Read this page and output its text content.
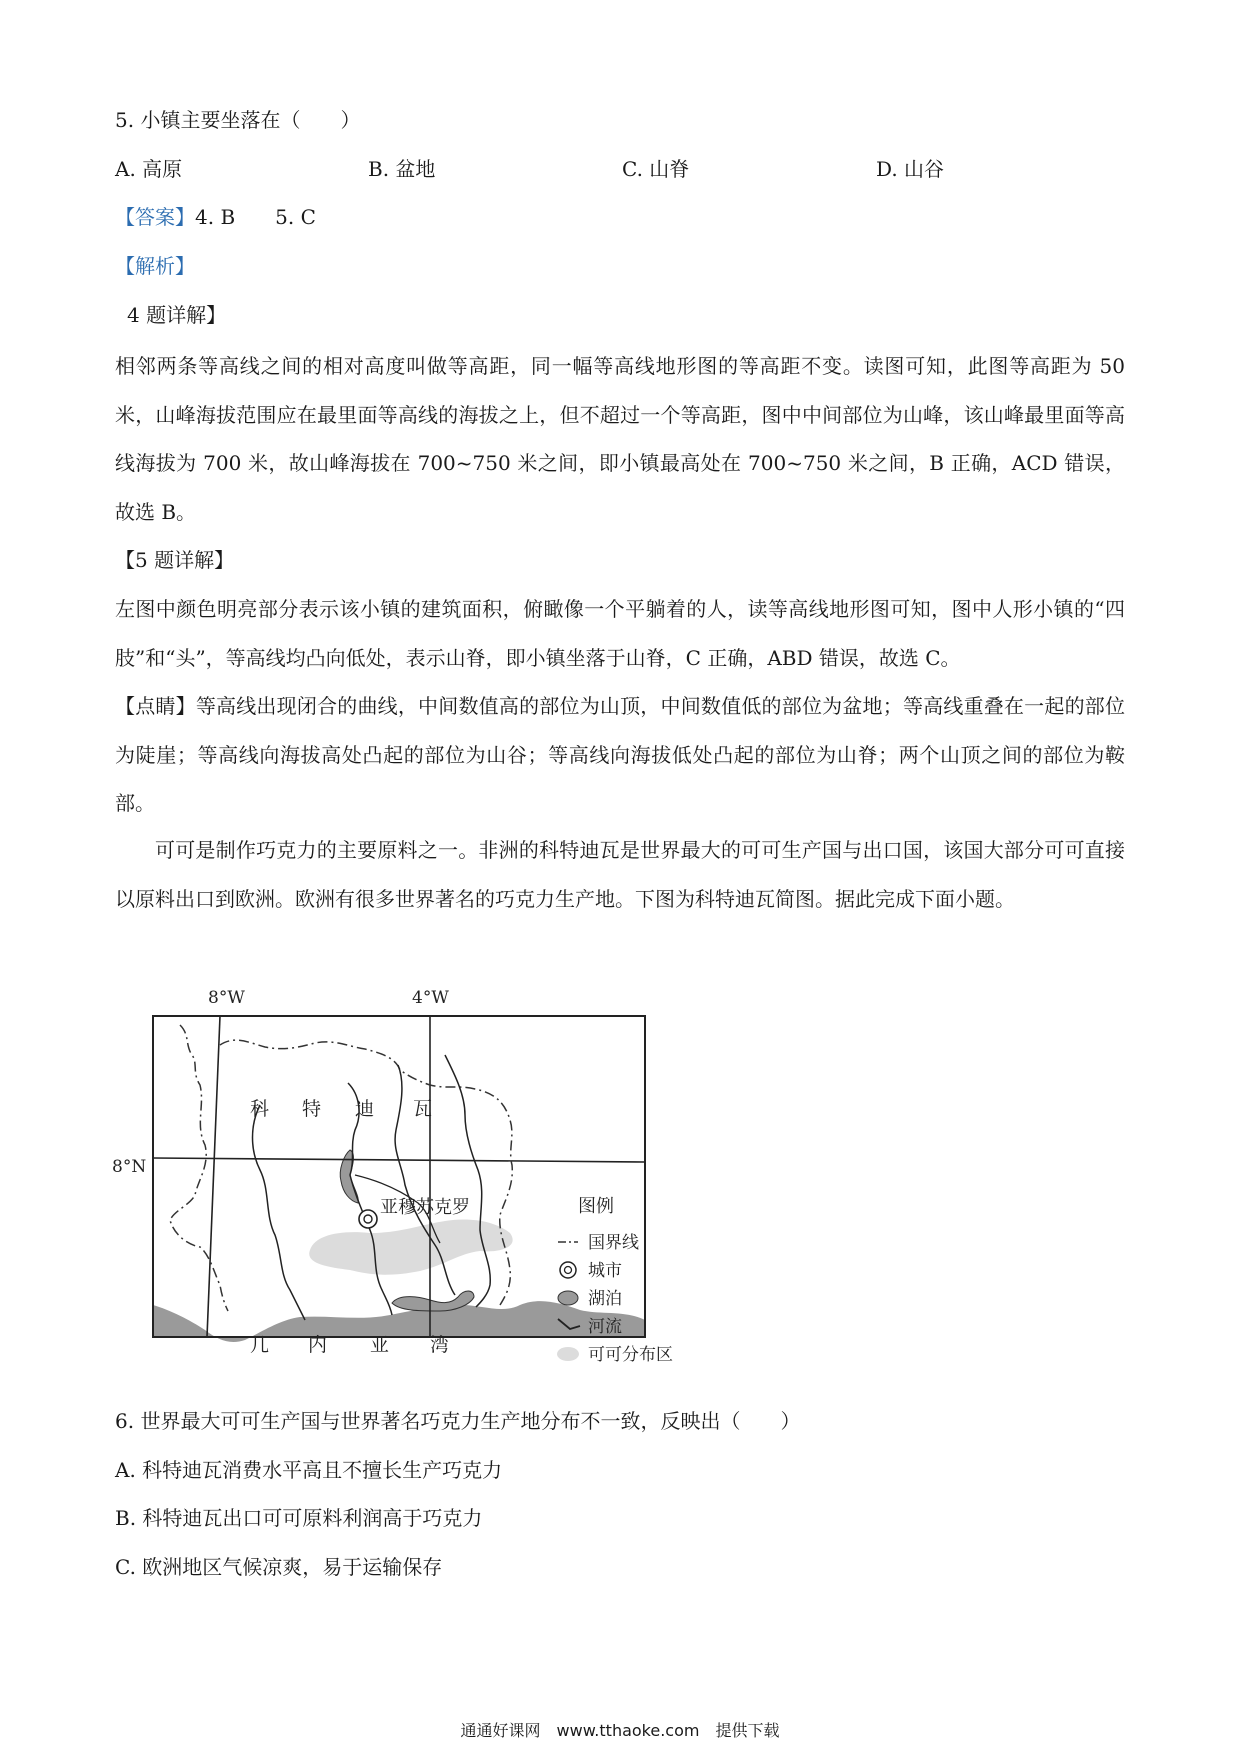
5. 小镇主要坐落在（　　）
A. 高原	B. 盆地	C. 山脊	D. 山谷
【答案】4. B　　5. C
【解析】
4 题详解】
相邻两条等高线之间的相对高度叫做等高距，同一幅等高线地形图的等高距不变。读图可知，此图等高距为 50 米，山峰海拔范围应在最里面等高线的海拔之上，但不超过一个等高距，图中中间部位为山峰，该山峰最里面等高线海拔为 700 米，故山峰海拔在 700~750 米之间，即小镇最高处在 700~750 米之间，B 正确，ACD 错误，故选 B。
【5 题详解】
左图中颜色明亮部分表示该小镇的建筑面积，俯瞰像一个平躺着的人，读等高线地形图可知，图中人形小镇的“四肢”和“头”，等高线均凸向低处，表示山脊，即小镇坐落于山脊，C 正确，ABD 错误，故选 C。
【点睛】等高线出现闭合的曲线，中间数值高的部位为山顶，中间数值低的部位为盆地；等高线重叠在一起的部位为陡崖；等高线向海拔高处凸起的部位为山谷；等高线向海拔低处凸起的部位为山脊；两个山顶之间的部位为鞍部。
可可是制作巧克力的主要原料之一。非洲的科特迪瓦是世界最大的可可生产国与出口国，该国大部分可可直接以原料出口到欧洲。欧洲有很多世界著名的巧克力生产地。下图为科特迪瓦简图。据此完成下面小题。
8°W	4°W
8°N
科 特 迪 瓦
亚穆苏克罗
几 内 亚 湾
图例
国界线
城市
湖泊
河流
可可分布区
6. 世界最大可可生产国与世界著名巧克力生产地分布不一致，反映出（　　）
A. 科特迪瓦消费水平高且不擅长生产巧克力
B. 科特迪瓦出口可可原料利润高于巧克力
C. 欧洲地区气候凉爽，易于运输保存
通通好课网　www.tthaoke.com　提供下载
